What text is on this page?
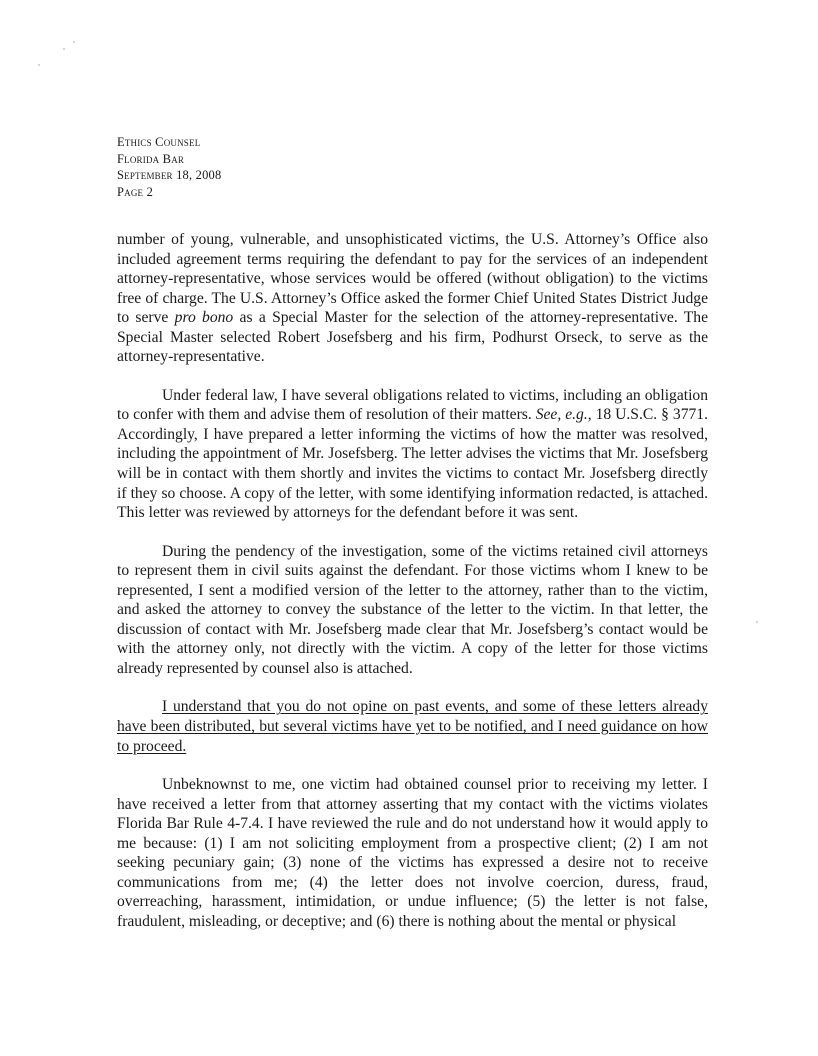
Ethics Counsel
Florida Bar
September 18, 2008
Page 2

number of young, vulnerable, and unsophisticated victims, the U.S. Attorney’s Office also included agreement terms requiring the defendant to pay for the services of an independent attorney-representative, whose services would be offered (without obligation) to the victims free of charge. The U.S. Attorney’s Office asked the former Chief United States District Judge to serve pro bono as a Special Master for the selection of the attorney-representative. The Special Master selected Robert Josefsberg and his firm, Podhurst Orseck, to serve as the attorney-representative.

Under federal law, I have several obligations related to victims, including an obligation to confer with them and advise them of resolution of their matters. See, e.g., 18 U.S.C. § 3771. Accordingly, I have prepared a letter informing the victims of how the matter was resolved, including the appointment of Mr. Josefsberg. The letter advises the victims that Mr. Josefsberg will be in contact with them shortly and invites the victims to contact Mr. Josefsberg directly if they so choose. A copy of the letter, with some identifying information redacted, is attached. This letter was reviewed by attorneys for the defendant before it was sent.

During the pendency of the investigation, some of the victims retained civil attorneys to represent them in civil suits against the defendant. For those victims whom I knew to be represented, I sent a modified version of the letter to the attorney, rather than to the victim, and asked the attorney to convey the substance of the letter to the victim. In that letter, the discussion of contact with Mr. Josefsberg made clear that Mr. Josefsberg’s contact would be with the attorney only, not directly with the victim. A copy of the letter for those victims already represented by counsel also is attached.

I understand that you do not opine on past events, and some of these letters already have been distributed, but several victims have yet to be notified, and I need guidance on how to proceed.

Unbeknownst to me, one victim had obtained counsel prior to receiving my letter. I have received a letter from that attorney asserting that my contact with the victims violates Florida Bar Rule 4-7.4. I have reviewed the rule and do not understand how it would apply to me because: (1) I am not soliciting employment from a prospective client; (2) I am not seeking pecuniary gain; (3) none of the victims has expressed a desire not to receive communications from me; (4) the letter does not involve coercion, duress, fraud, overreaching, harassment, intimidation, or undue influence; (5) the letter is not false, fraudulent, misleading, or deceptive; and (6) there is nothing about the mental or physical
